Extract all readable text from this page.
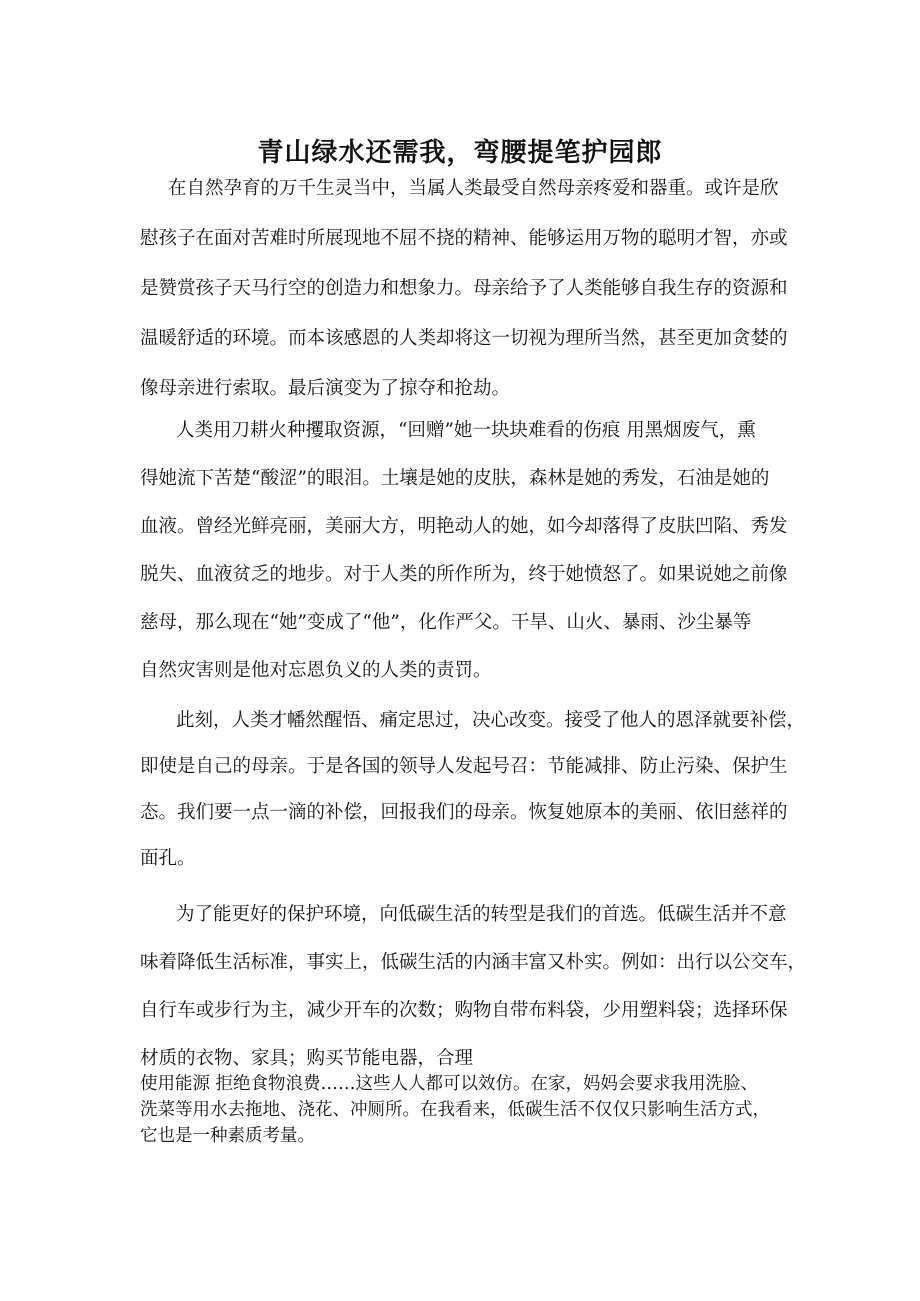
青山绿水还需我，弯腰提笔护园郎
在自然孕育的万千生灵当中，当属人类最受自然母亲疼爱和器重。或许是欣
慰孩子在面对苦难时所展现地不屈不挠的精神、能够运用万物的聪明才智，亦或
是赞赏孩子天马行空的创造力和想象力。母亲给予了人类能够自我生存的资源和
温暖舒适的环境。而本该感恩的人类却将这一切视为理所当然，甚至更加贪婪的
像母亲进行索取。最后演变为了掠夺和抢劫。
人类用刀耕火种攫取资源，“回赠”她一块块难看的伤痕 用黑烟废气，熏
得她流下苦楚“酸涩”的眼泪。土壤是她的皮肤，森林是她的秀发，石油是她的
血液。曾经光鲜亮丽，美丽大方，明艳动人的她，如今却落得了皮肤凹陷、秀发
脱失、血液贫乏的地步。对于人类的所作所为，终于她愤怒了。如果说她之前像
慈母，那么现在“她”变成了“他”，化作严父。干旱、山火、暴雨、沙尘暴等
自然灾害则是他对忘恩负义的人类的责罚。
此刻，人类才幡然醒悟、痛定思过，决心改变。接受了他人的恩泽就要补偿，
即使是自己的母亲。于是各国的领导人发起号召：节能减排、防止污染、保护生
态。我们要一点一滴的补偿，回报我们的母亲。恢复她原本的美丽、依旧慈祥的
面孔。
为了能更好的保护环境，向低碳生活的转型是我们的首选。低碳生活并不意
味着降低生活标准，事实上，低碳生活的内涵丰富又朴实。例如：出行以公交车，
自行车或步行为主，减少开车的次数；购物自带布料袋，少用塑料袋；选择环保
材质的衣物、家具；购买节能电器，合理
使用能源 拒绝食物浪费……这些人人都可以效仿。在家，妈妈会要求我用洗脸、
洗菜等用水去拖地、浇花、冲厕所。在我看来，低碳生活不仅仅只影响生活方式，
它也是一种素质考量。
